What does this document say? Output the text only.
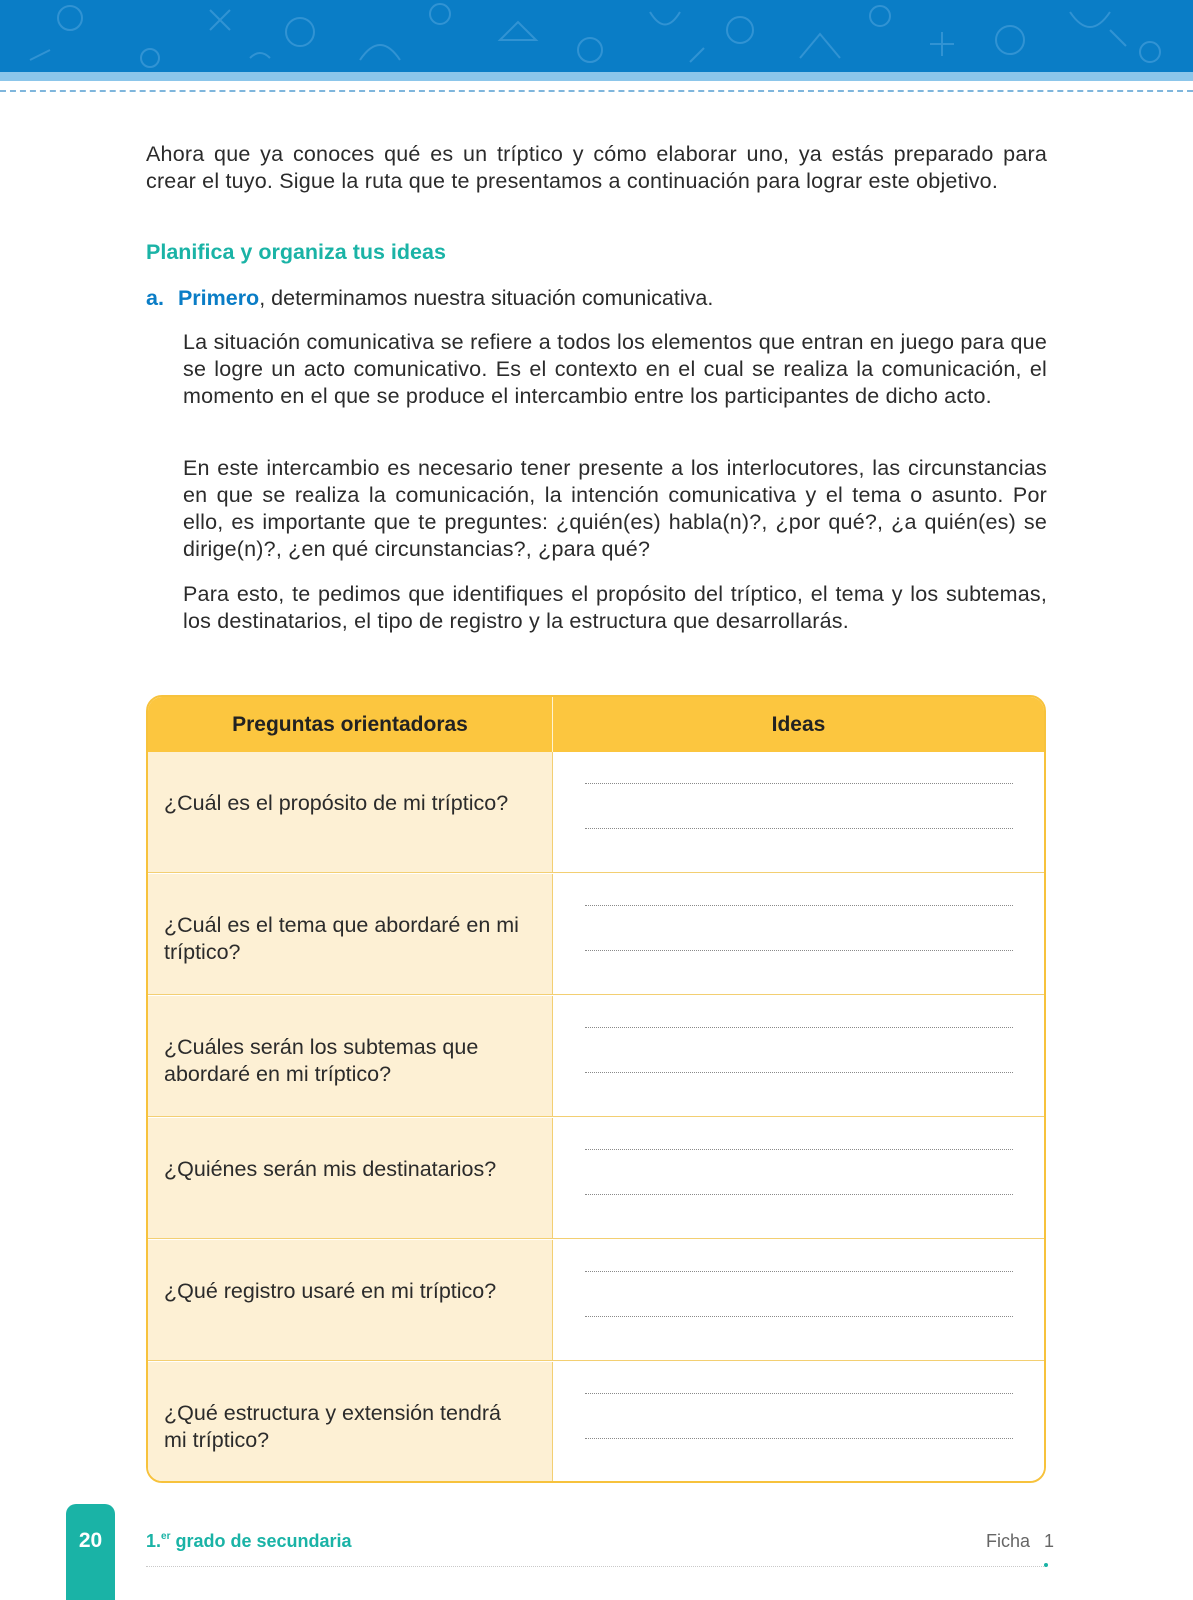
Ahora que ya conoces qué es un tríptico y cómo elaborar uno, ya estás preparado para crear el tuyo. Sigue la ruta que te presentamos a continuación para lograr este objetivo.

Planifica y organiza tus ideas

a. Primero, determinamos nuestra situación comunicativa.

La situación comunicativa se refiere a todos los elementos que entran en juego para que se logre un acto comunicativo. Es el contexto en el cual se realiza la comunicación, el momento en el que se produce el intercambio entre los participantes de dicho acto.

En este intercambio es necesario tener presente a los interlocutores, las circunstancias en que se realiza la comunicación, la intención comunicativa y el tema o asunto. Por ello, es importante que te preguntes: ¿quién(es) habla(n)?, ¿por qué?, ¿a quién(es) se dirige(n)?, ¿en qué circunstancias?, ¿para qué?

Para esto, te pedimos que identifiques el propósito del tríptico, el tema y los subtemas, los destinatarios, el tipo de registro y la estructura que desarrollarás.

Preguntas orientadoras	Ideas
¿Cuál es el propósito de mi tríptico?
¿Cuál es el tema que abordaré en mi tríptico?
¿Cuáles serán los subtemas que abordaré en mi tríptico?
¿Quiénes serán mis destinatarios?
¿Qué registro usaré en mi tríptico?
¿Qué estructura y extensión tendrá mi tríptico?
20	1.$^{er}$ grado de secundaria	Ficha 1
